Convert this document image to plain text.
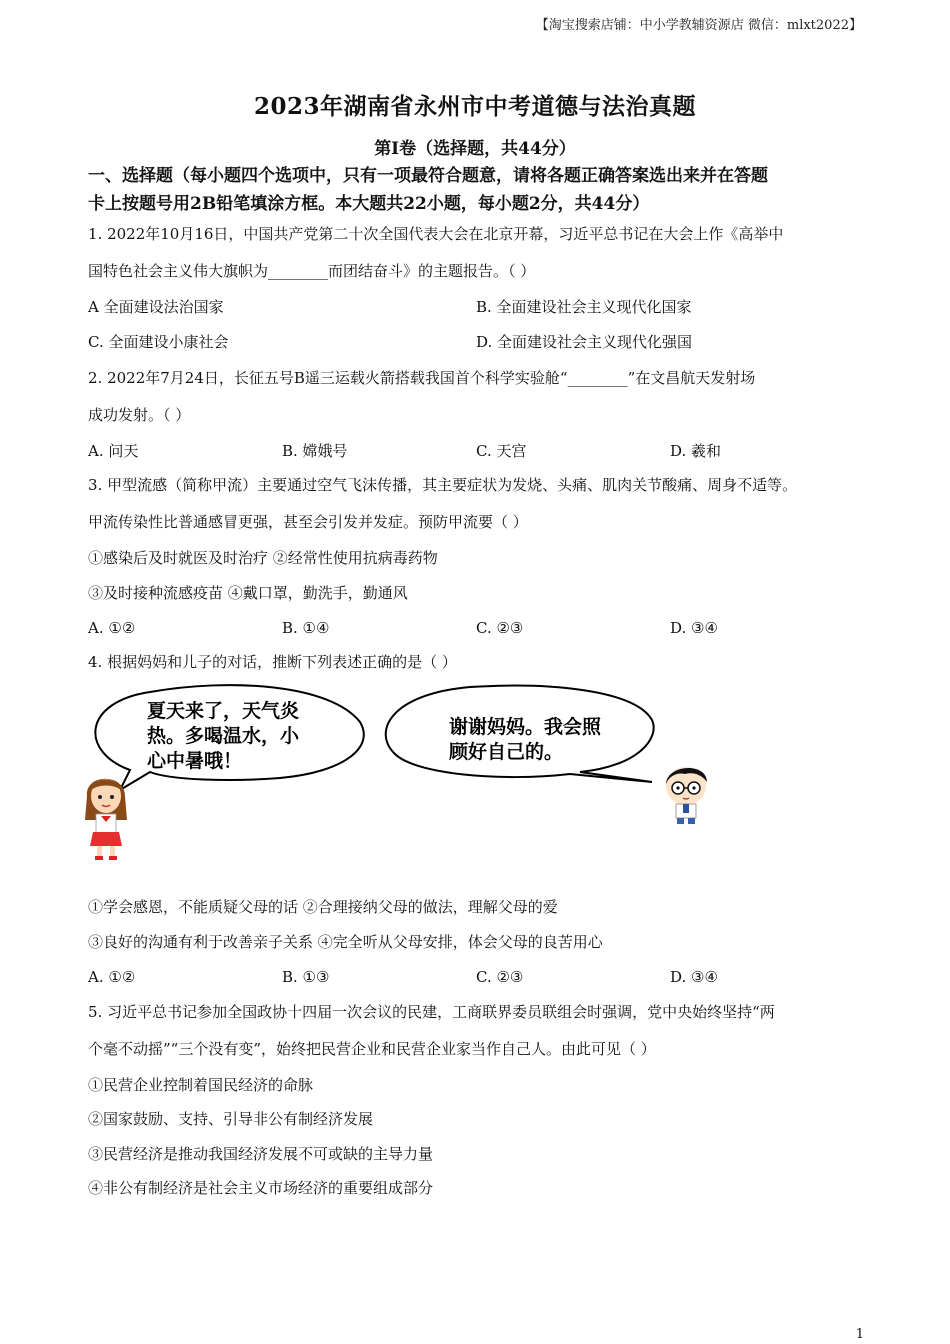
【淘宝搜索店铺：中小学教辅资源店 微信：mlxt2022】
2023年湖南省永州市中考道德与法治真题
第Ⅰ卷（选择题，共44分）
一、选择题（每小题四个选项中，只有一项最符合题意，请将各题正确答案选出来并在答题
卡上按题号用2B铅笔填涂方框。本大题共22小题，每小题2分，共44分）
1. 2022年10月16日，中国共产党第二十次全国代表大会在北京开幕，习近平总书记在大会上作《高举中
国特色社会主义伟大旗帜为________而团结奋斗》的主题报告。（ ）
A 全面建设法治国家	B. 全面建设社会主义现代化国家
C. 全面建设小康社会	D. 全面建设社会主义现代化强国
2. 2022年7月24日，长征五号B遥三运载火箭搭载我国首个科学实验舱“________”在文昌航天发射场
成功发射。（ ）
A. 问天	B. 嫦娥号	C. 天宫	D. 羲和
3. 甲型流感（简称甲流）主要通过空气飞沫传播，其主要症状为发烧、头痛、肌肉关节酸痛、周身不适等。
甲流传染性比普通感冒更强，甚至会引发并发症。预防甲流要（ ）
①感染后及时就医及时治疗 ②经常性使用抗病毒药物
③及时接种流感疫苗 ④戴口罩，勤洗手，勤通风
A. ①②	B. ①④	C. ②③	D. ③④
4. 根据妈妈和儿子的对话，推断下列表述正确的是（ ）
夏天来了，天气炎
热。多喝温水，小
心中暑哦！
谢谢妈妈。我会照
顾好自己的。
①学会感恩，不能质疑父母的话 ②合理接纳父母的做法，理解父母的爱
③良好的沟通有利于改善亲子关系 ④完全听从父母安排，体会父母的良苦用心
A. ①②	B. ①③	C. ②③	D. ③④
5. 习近平总书记参加全国政协十四届一次会议的民建，工商联界委员联组会时强调，党中央始终坚持“两
个毫不动摇”“三个没有变”，始终把民营企业和民营企业家当作自己人。由此可见（ ）
①民营企业控制着国民经济的命脉
②国家鼓励、支持、引导非公有制经济发展
③民营经济是推动我国经济发展不可或缺的主导力量
④非公有制经济是社会主义市场经济的重要组成部分
1
